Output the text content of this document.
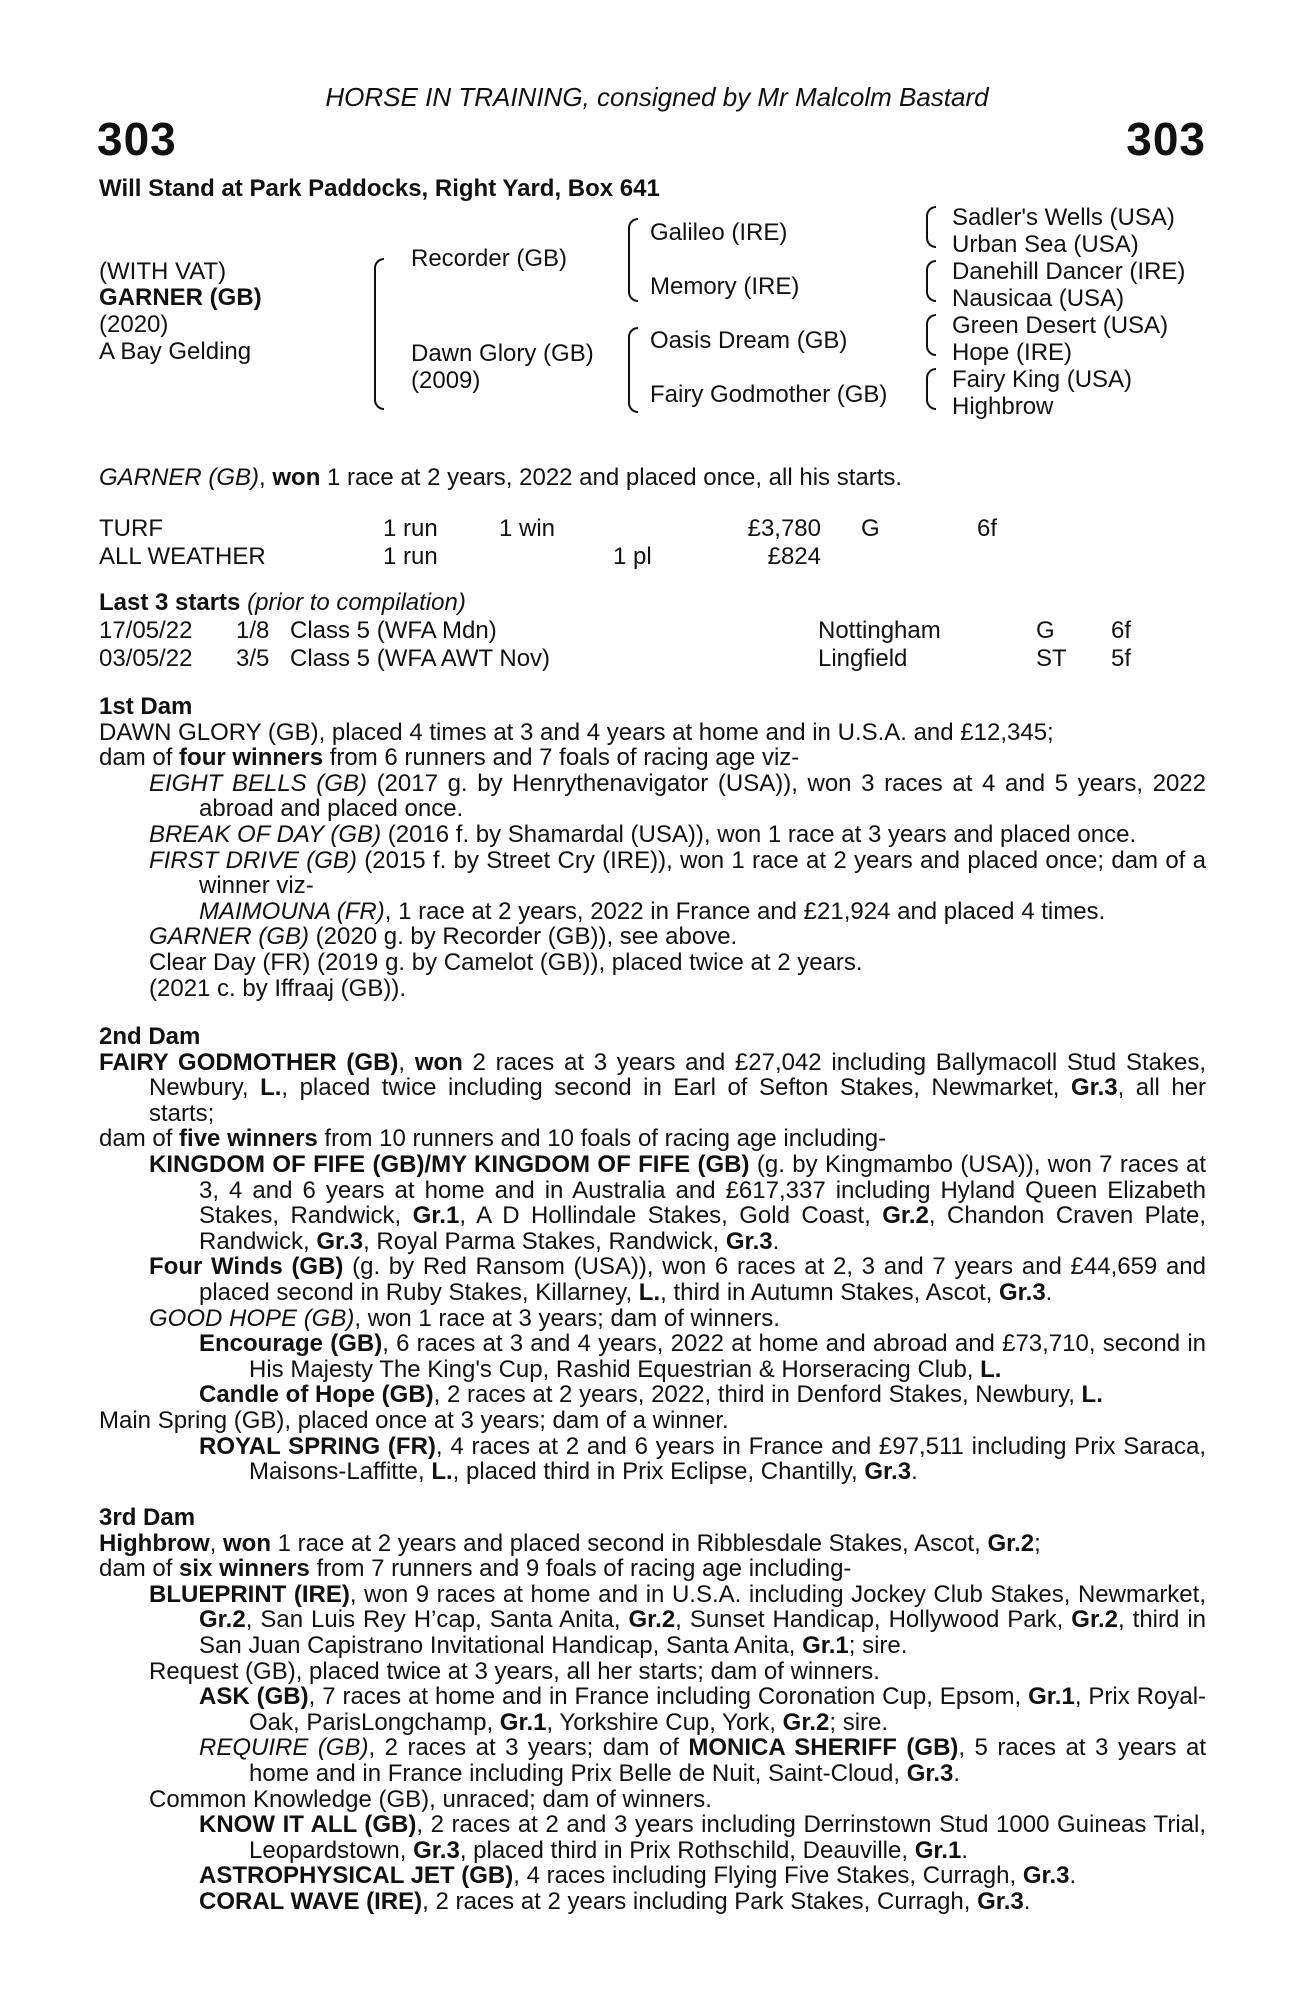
HORSE IN TRAINING, consigned by Mr Malcolm Bastard
303	303
Will Stand at Park Paddocks, Right Yard, Box 641
(WITH VAT)
GARNER (GB)
(2020)
A Bay Gelding
Recorder (GB)
Dawn Glory (GB)
(2009)
Galileo (IRE)
Memory (IRE)
Oasis Dream (GB)
Fairy Godmother (GB)
Sadler's Wells (USA)
Urban Sea (USA)
Danehill Dancer (IRE)
Nausicaa (USA)
Green Desert (USA)
Hope (IRE)
Fairy King (USA)
Highbrow
GARNER (GB), won 1 race at 2 years, 2022 and placed once, all his starts.
TURF	1 run	1 win		£3,780	G	6f
ALL WEATHER	1 run		1 pl	£824		
Last 3 starts (prior to compilation)
17/05/22	1/8	Class 5 (WFA Mdn)	Nottingham	G	6f
03/05/22	3/5	Class 5 (WFA AWT Nov)	Lingfield	ST	5f

1st Dam

DAWN GLORY (GB), placed 4 times at 3 and 4 years at home and in U.S.A. and £12,345;

dam of four winners from 6 runners and 7 foals of racing age viz-

EIGHT BELLS (GB) (2017 g. by Henrythenavigator (USA)), won 3 races at 4 and 5 years, 2022 abroad and placed once.

BREAK OF DAY (GB) (2016 f. by Shamardal (USA)), won 1 race at 3 years and placed once.

FIRST DRIVE (GB) (2015 f. by Street Cry (IRE)), won 1 race at 2 years and placed once; dam of a winner viz-

MAIMOUNA (FR), 1 race at 2 years, 2022 in France and £21,924 and placed 4 times.

GARNER (GB) (2020 g. by Recorder (GB)), see above.

Clear Day (FR) (2019 g. by Camelot (GB)), placed twice at 2 years.

(2021 c. by Iffraaj (GB)).

2nd Dam

FAIRY GODMOTHER (GB), won 2 races at 3 years and £27,042 including Ballymacoll Stud Stakes, Newbury, L., placed twice including second in Earl of Sefton Stakes, Newmarket, Gr.3, all her starts;

dam of five winners from 10 runners and 10 foals of racing age including-

KINGDOM OF FIFE (GB)/MY KINGDOM OF FIFE (GB) (g. by Kingmambo (USA)), won 7 races at 3, 4 and 6 years at home and in Australia and £617,337 including Hyland Queen Elizabeth Stakes, Randwick, Gr.1, A D Hollindale Stakes, Gold Coast, Gr.2, Chandon Craven Plate, Randwick, Gr.3, Royal Parma Stakes, Randwick, Gr.3.

Four Winds (GB) (g. by Red Ransom (USA)), won 6 races at 2, 3 and 7 years and £44,659 and placed second in Ruby Stakes, Killarney, L., third in Autumn Stakes, Ascot, Gr.3.

GOOD HOPE (GB), won 1 race at 3 years; dam of winners.

Encourage (GB), 6 races at 3 and 4 years, 2022 at home and abroad and £73,710, second in His Majesty The King's Cup, Rashid Equestrian & Horseracing Club, L.

Candle of Hope (GB), 2 races at 2 years, 2022, third in Denford Stakes, Newbury, L.

Main Spring (GB), placed once at 3 years; dam of a winner.

ROYAL SPRING (FR), 4 races at 2 and 6 years in France and £97,511 including Prix Saraca, Maisons-Laffitte, L., placed third in Prix Eclipse, Chantilly, Gr.3.

3rd Dam

Highbrow, won 1 race at 2 years and placed second in Ribblesdale Stakes, Ascot, Gr.2;

dam of six winners from 7 runners and 9 foals of racing age including-

BLUEPRINT (IRE), won 9 races at home and in U.S.A. including Jockey Club Stakes, Newmarket, Gr.2, San Luis Rey H’cap, Santa Anita, Gr.2, Sunset Handicap, Hollywood Park, Gr.2, third in San Juan Capistrano Invitational Handicap, Santa Anita, Gr.1; sire.

Request (GB), placed twice at 3 years, all her starts; dam of winners.

ASK (GB), 7 races at home and in France including Coronation Cup, Epsom, Gr.1, Prix Royal-Oak, ParisLongchamp, Gr.1, Yorkshire Cup, York, Gr.2; sire.

REQUIRE (GB), 2 races at 3 years; dam of MONICA SHERIFF (GB), 5 races at 3 years at home and in France including Prix Belle de Nuit, Saint-Cloud, Gr.3.

Common Knowledge (GB), unraced; dam of winners.

KNOW IT ALL (GB), 2 races at 2 and 3 years including Derrinstown Stud 1000 Guineas Trial, Leopardstown, Gr.3, placed third in Prix Rothschild, Deauville, Gr.1.

ASTROPHYSICAL JET (GB), 4 races including Flying Five Stakes, Curragh, Gr.3.

CORAL WAVE (IRE), 2 races at 2 years including Park Stakes, Curragh, Gr.3.
